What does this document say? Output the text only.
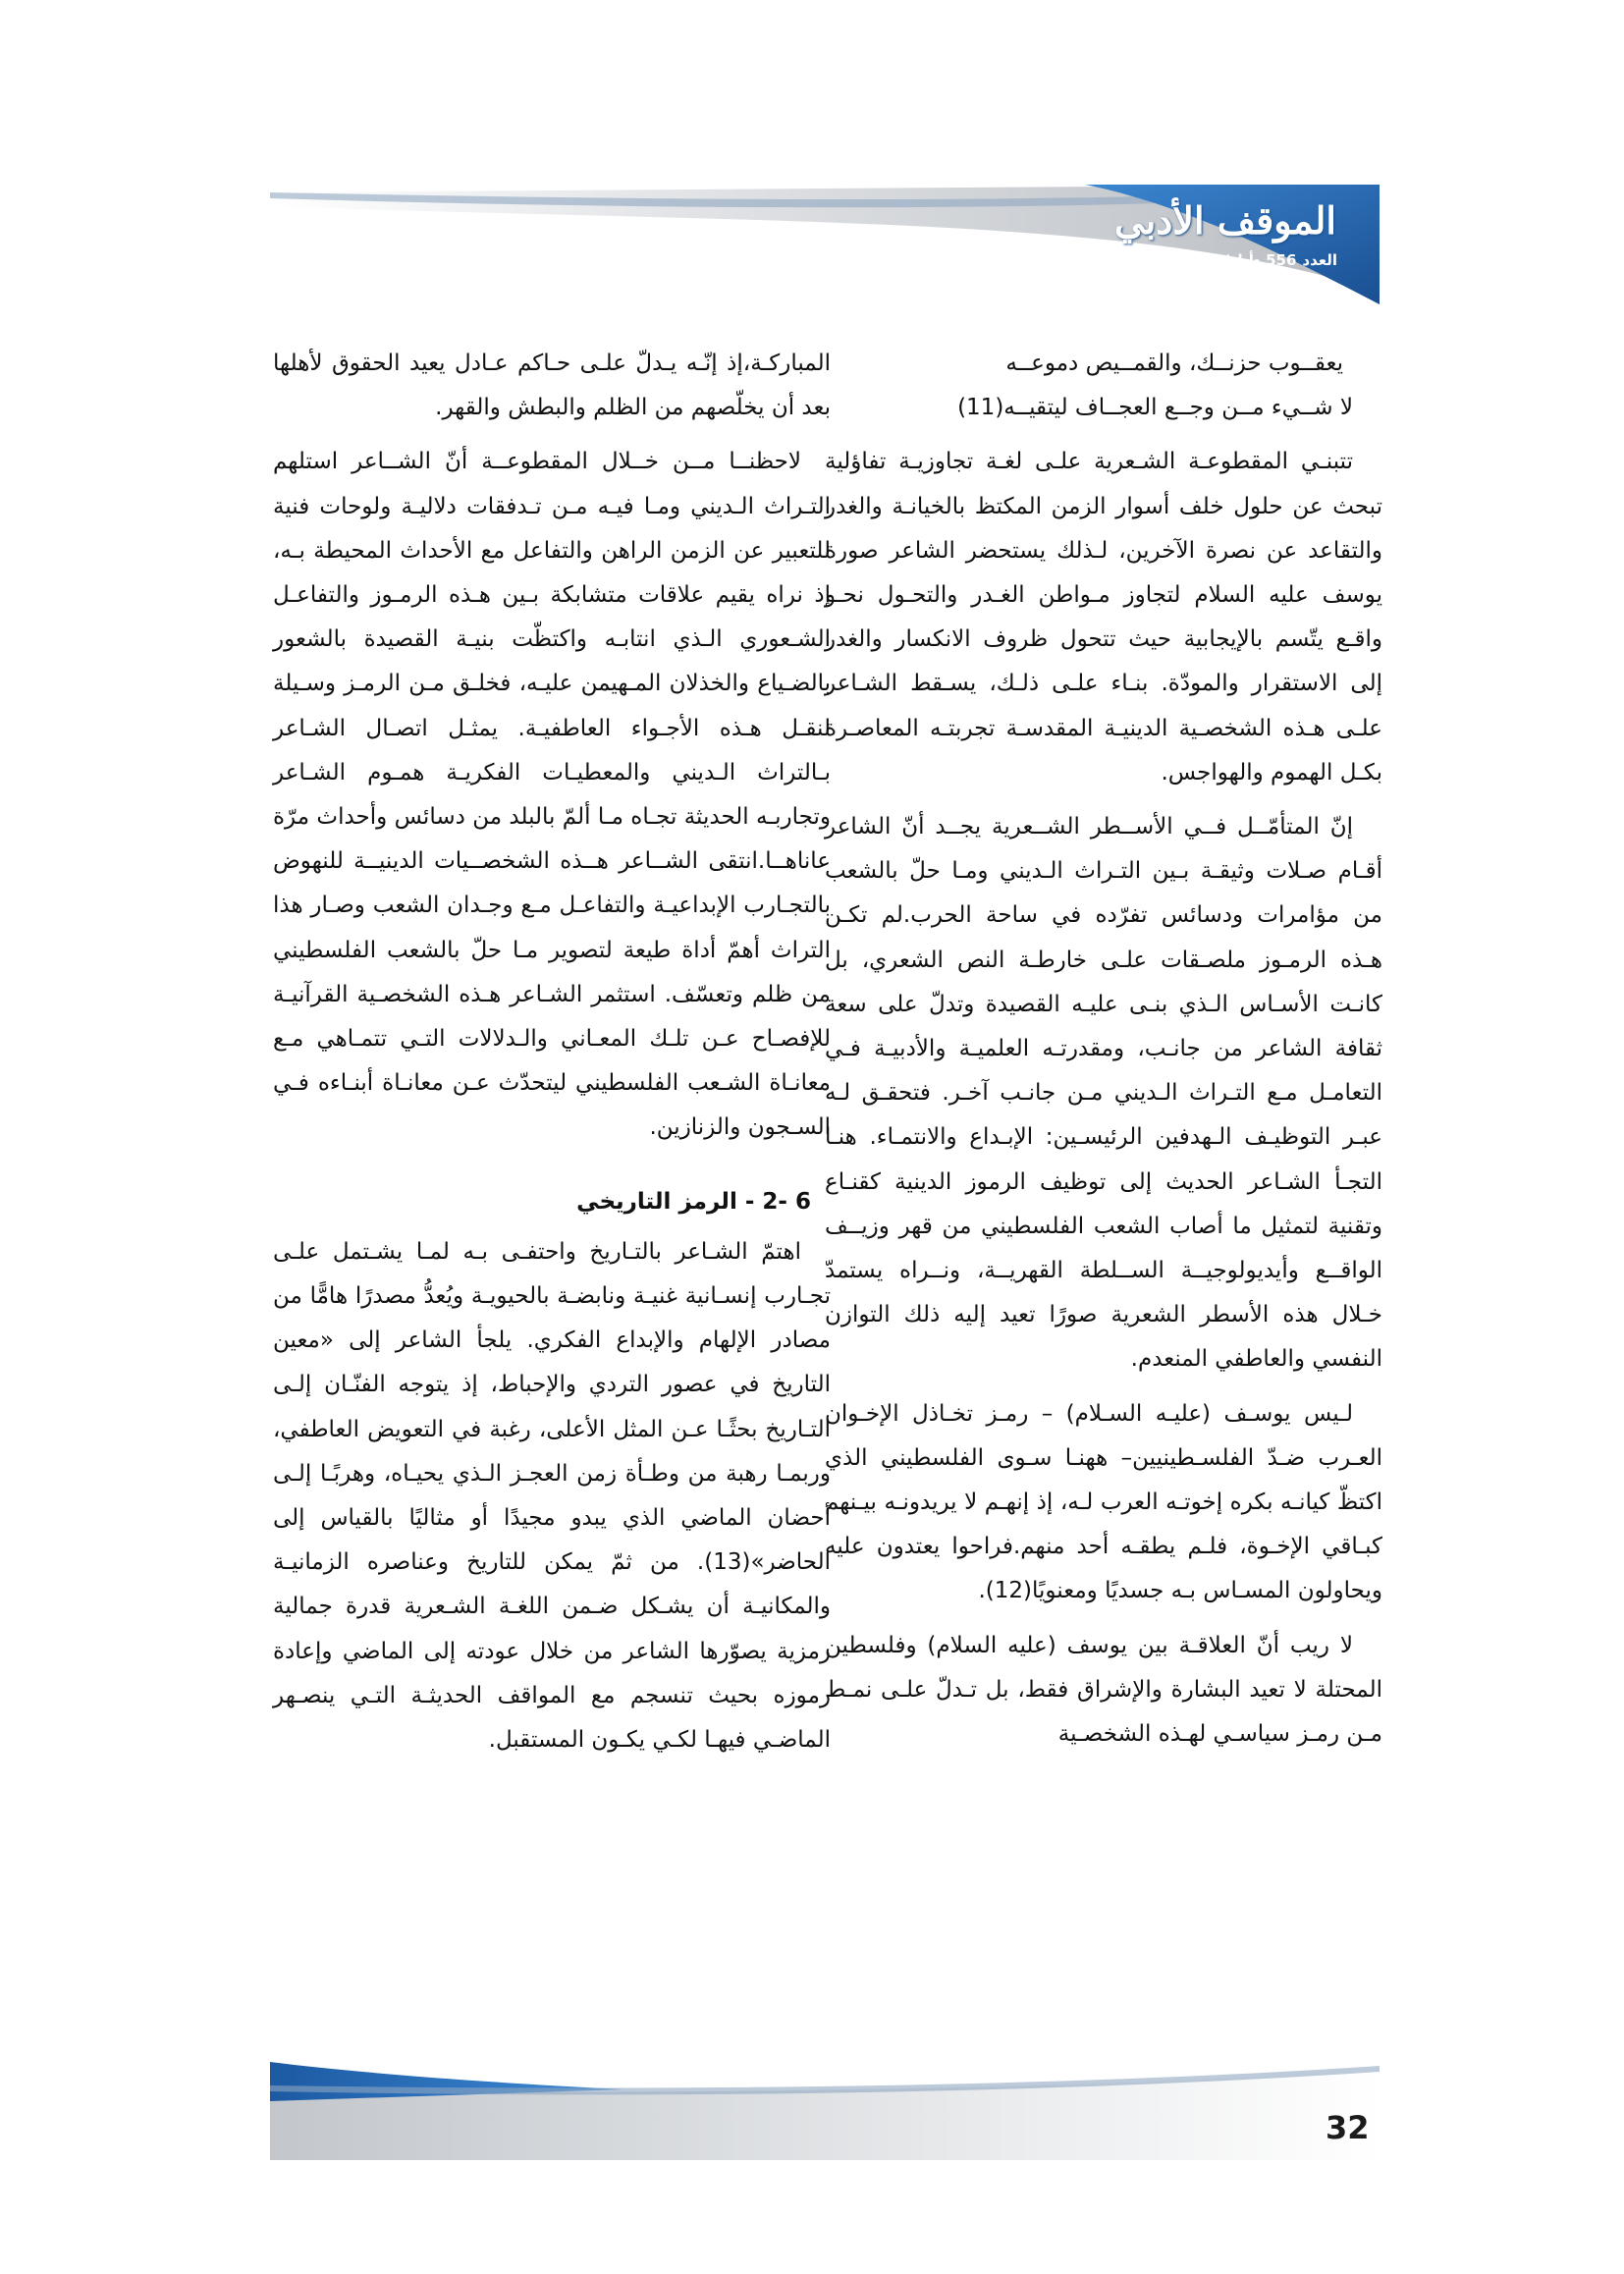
الموقف الأدبي
العدد556-أيار/2017

يعقــوب حزنــك، والقمــيص دموعــه

لا شــيء مــن وجــع العجــاف ليتقيــه(11)

تتبنـي المقطوعـة الشـعرية علـى لغـة تجاوزيـة تفاؤلية تبحث عن حلول خلف أسوار الزمن المكتظ بالخيانـة والغدر والتقاعد عن نصرة الآخرين، لـذلك يستحضر الشاعر صورة يوسف عليه السلام لتجاوز مـواطن الغـدر والتحـول نحـو واقـع يتّسم بالإيجابية حيث تتحول ظروف الانكسار والغدر إلى الاستقرار والمودّة. بنـاء علـى ذلـك، يسـقط الشـاعر علـى هـذه الشخصـية الدينيـة المقدسـة تجربتـه المعاصـرة بكـل الهموم والهواجس.

إنّ المتأمّــل فــي الأســطر الشــعرية يجــد أنّ الشاعر أقـام صـلات وثيقـة بـين التـراث الـديني ومـا حلّ بالشعب من مؤامرات ودسائس تفرّده في ساحة الحرب.لم تكـن هـذه الرمـوز ملصـقات علـى خارطـة النص الشعري، بل كانـت الأسـاس الـذي بنـى عليـه القصيدة وتدلّ على سعة ثقافة الشاعر من جانـب، ومقدرتـه العلميـة والأدبيـة فـي التعامـل مـع التـراث الـديني مـن جانـب آخـر. فتحقـق لـه عبـر التوظيـف الـهدفين الرئيسـين: الإبـداع والانتمـاء. هنـا التجـأ الشـاعر الحديث إلى توظيف الرموز الدينية كقنـاع وتقنية لتمثيل ما أصاب الشعب الفلسطيني من قهر وزيــف الواقــع وأيديولوجيــة الســلطة القهريــة، ونــراه يستمدّ خـلال هذه الأسطر الشعرية صورًا تعيد إليه ذلك التوازن النفسي والعاطفي المنعدم.

لـيس يوسـف (عليـه السـلام) – رمـز تخـاذل الإخـوان العـرب ضـدّ الفلسـطينيين– ههنـا سـوى الفلسطيني الذي اكتظّ كيانـه بكره إخوتـه العرب لـه، إذ إنهـم لا يريدونـه بيـنهم كبـاقي الإخـوة، فلـم يطقـه أحد منهم.فراحوا يعتدون عليه ويحاولون المسـاس بـه جسديًا ومعنويًا(12).

لا ريب أنّ العلاقـة بين يوسف (عليه السلام) وفلسطين المحتلة لا تعيد البشارة والإشراق فقط، بل تـدلّ علـى نمـط مـن رمـز سياسـي لهـذه الشخصـية

المباركـة،إذ إنّـه يـدلّ علـى حـاكم عـادل يعيد الحقوق لأهلها بعد أن يخلّصهم من الظلم والبطش والقهر.

لاحظنــا مــن خــلال المقطوعــة أنّ الشــاعر استلهم التـراث الـديني ومـا فيـه مـن تـدفقات دلاليـة ولوحات فنية للتعبير عن الزمن الراهن والتفاعل مع الأحداث المحيطة بـه، إذ نراه يقيم علاقات متشابكة بـين هـذه الرمـوز والتفاعـل الشـعوري الـذي انتابـه واكتظّت بنيـة القصيدة بالشعور بالضـياع والخذلان المـهيمن عليـه، فخلـق مـن الرمـز وسـيلة لنقـل هـذه الأجـواء العاطفيـة. يمثـل اتصـال الشـاعر بـالتراث الـديني والمعطيـات الفكريـة همـوم الشـاعر وتجاربـه الحديثة تجـاه مـا ألمّ بالبلد من دسائس وأحداث مرّة عاناهــا.انتقى الشــاعر هــذه الشخصــيات الدينيــة للنهوض بالتجـارب الإبداعيـة والتفاعـل مـع وجـدان الشعب وصـار هذا التراث أهمّ أداة طيعة لتصوير مـا حلّ بالشعب الفلسطيني من ظلم وتعسّف. استثمر الشـاعر هـذه الشخصـية القرآنيـة للإفصـاح عـن تلـك المعـاني والـدلالات التـي تتمـاهي مـع معانـاة الشـعب الفلسطيني ليتحدّث عـن معانـاة أبنـاءه فـي السـجون والزنازين.

6 -2 - الرمز التاريخي

اهتمّ الشـاعر بالتـاريخ واحتفـى بـه لمـا يشـتمل علـى تجـارب إنسـانية غنيـة ونابضـة بالحيويـة ويُعدُّ مصدرًا هامًّا من مصادر الإلهام والإبداع الفكري. يلجأ الشاعر إلى «معين التاريخ في عصور التردي والإحباط، إذ يتوجه الفنّـان إلـى التـاريخ بحثًـا عـن المثل الأعلى، رغبة في التعويض العاطفي، وربمـا رهبة من وطـأة زمن العجـز الـذي يحيـاه، وهربًـا إلـى أحضان الماضي الذي يبدو مجيدًا أو مثاليًا بالقياس إلى الحاضر»(13). من ثمّ يمكن للتاريخ وعناصره الزمانيـة والمكانيـة أن يشـكل ضـمن اللغـة الشـعرية قدرة جمالية رمزية يصوّرها الشاعر من خلال عودته إلى الماضي وإعادة رموزه بحيث تنسجم مع المواقف الحديثـة التـي ينصـهر الماضـي فيهـا لكـي يكـون المستقبل.

32
